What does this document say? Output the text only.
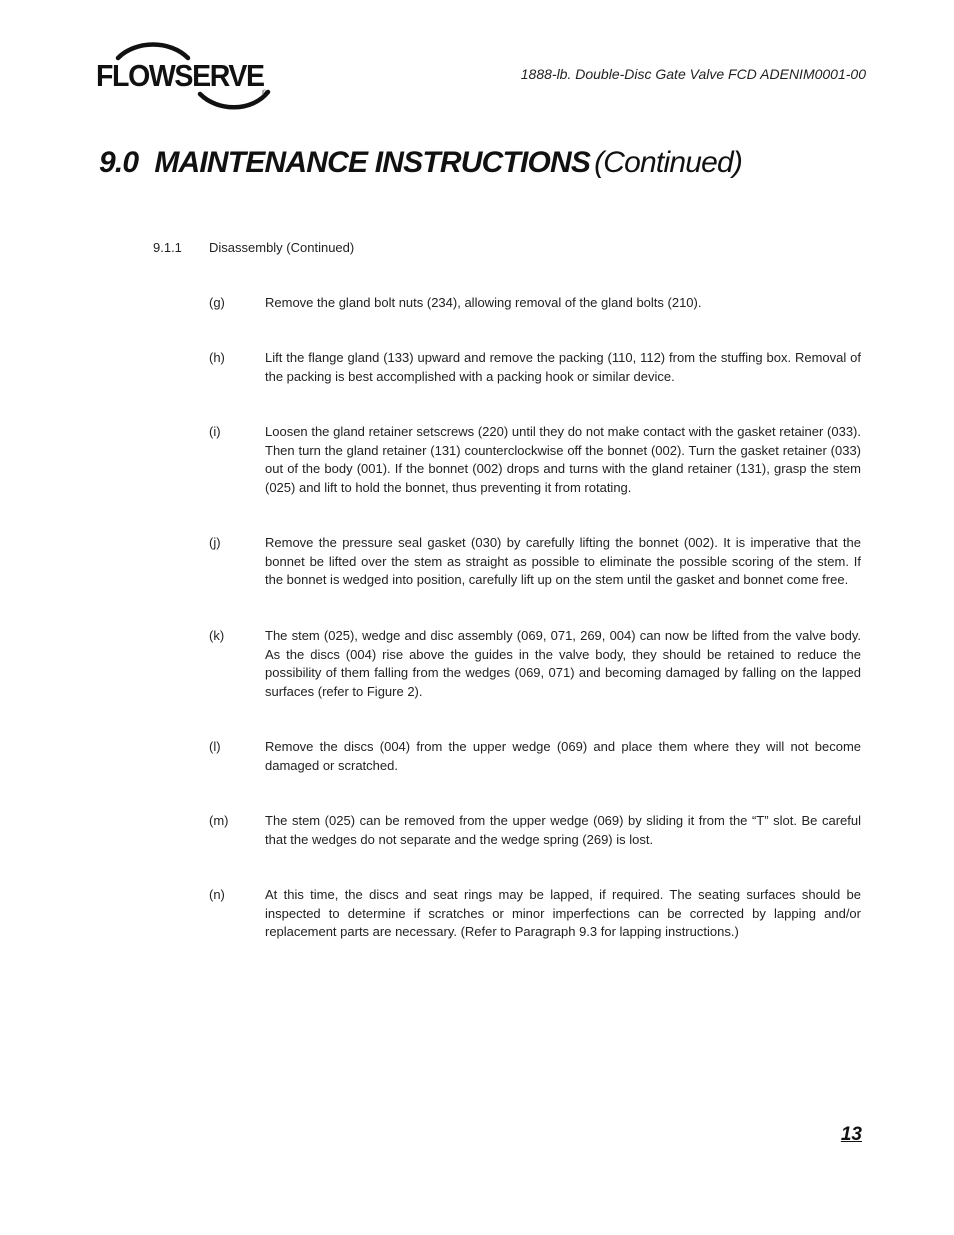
FLOWSERVE
®
1888-lb. Double-Disc Gate Valve FCD ADENIM0001-00
9.0 MAINTENANCE INSTRUCTIONS (Continued)
9.1.1 Disassembly (Continued)
(g)	Remove the gland bolt nuts (234), allowing removal of the gland bolts (210).
(h)	Lift the flange gland (133) upward and remove the packing (110, 112) from the stuffing box. Removal of the packing is best accomplished with a packing hook or similar device.
(i)	Loosen the gland retainer setscrews (220) until they do not make contact with the gasket retainer (033). Then turn the gland retainer (131) counterclockwise off the bonnet (002). Turn the gasket retainer (033) out of the body (001). If the bonnet (002) drops and turns with the gland retainer (131), grasp the stem (025) and lift to hold the bonnet, thus preventing it from rotating.
(j)	Remove the pressure seal gasket (030) by carefully lifting the bonnet (002). It is imperative that the bonnet be lifted over the stem as straight as possible to eliminate the possible scoring of the stem. If the bonnet is wedged into position, carefully lift up on the stem until the gasket and bonnet come free.
(k)	The stem (025), wedge and disc assembly (069, 071, 269, 004) can now be lifted from the valve body. As the discs (004) rise above the guides in the valve body, they should be retained to reduce the possibility of them falling from the wedges (069, 071) and becoming damaged by falling on the lapped surfaces (refer to Figure 2).
(l)	Remove the discs (004) from the upper wedge (069) and place them where they will not become damaged or scratched.
(m)	The stem (025) can be removed from the upper wedge (069) by sliding it from the “T” slot. Be careful that the wedges do not separate and the wedge spring (269) is lost.
(n)	At this time, the discs and seat rings may be lapped, if required. The seating surfaces should be inspected to determine if scratches or minor imperfections can be corrected by lapping and/or replacement parts are necessary. (Refer to Paragraph 9.3 for lapping instructions.)
13
